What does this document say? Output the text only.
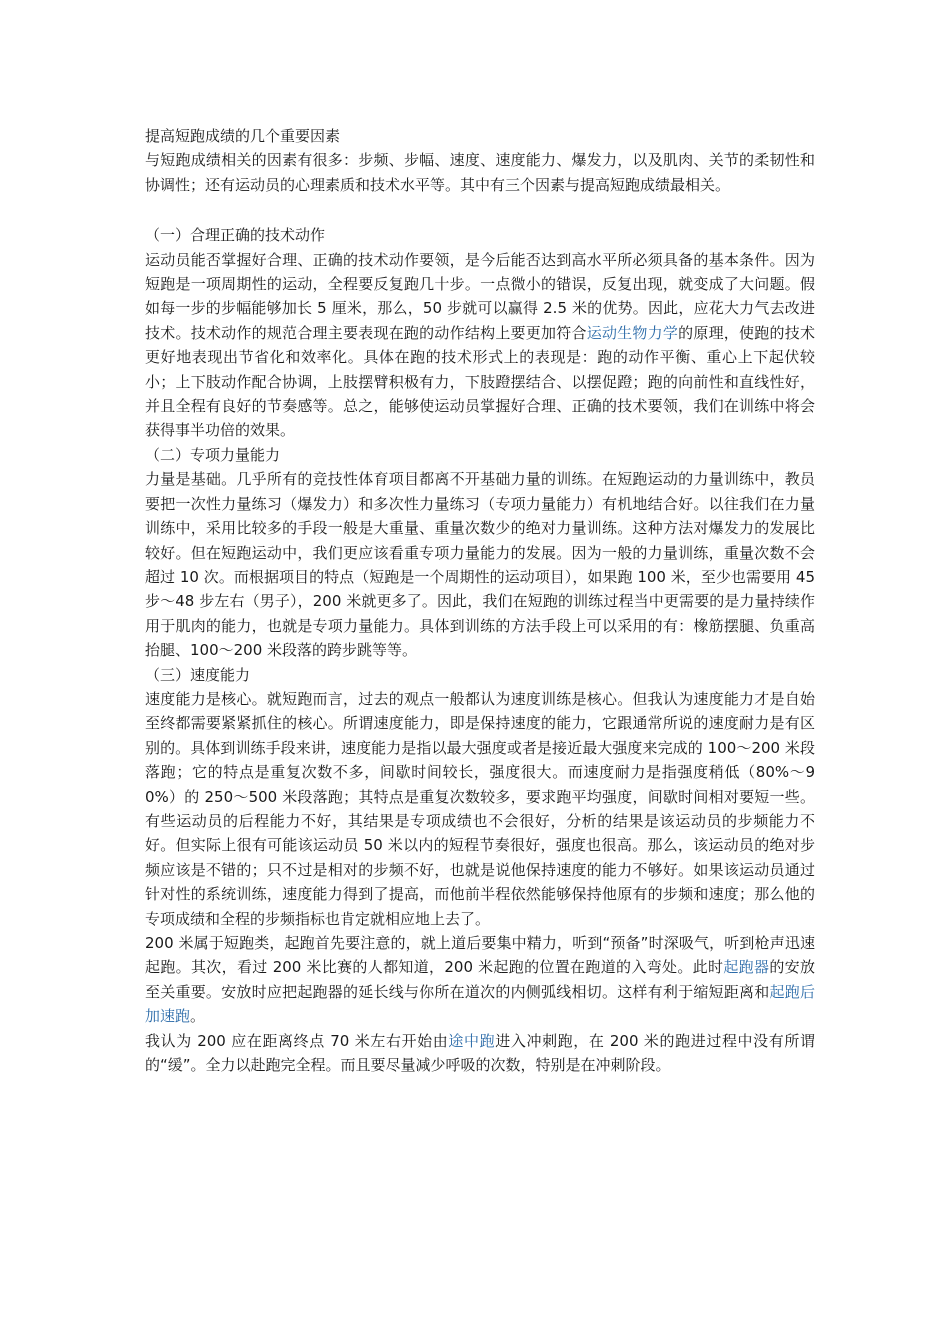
提高短跑成绩的几个重要因素

与短跑成绩相关的因素有很多：步频、步幅、速度、速度能力、爆发力，以及肌肉、关节的柔韧性和协调性；还有运动员的心理素质和技术水平等。其中有三个因素与提高短跑成绩最相关。

（一）合理正确的技术动作

运动员能否掌握好合理、正确的技术动作要领，是今后能否达到高水平所必须具备的基本条件。因为短跑是一项周期性的运动，全程要反复跑几十步。一点微小的错误，反复出现，就变成了大问题。假如每一步的步幅能够加长 5 厘米，那么，50 步就可以赢得 2.5 米的优势。因此，应花大力气去改进技术。技术动作的规范合理主要表现在跑的动作结构上要更加符合运动生物力学的原理，使跑的技术更好地表现出节省化和效率化。具体在跑的技术形式上的表现是：跑的动作平衡、重心上下起伏较小；上下肢动作配合协调，上肢摆臂积极有力，下肢蹬摆结合、以摆促蹬；跑的向前性和直线性好，并且全程有良好的节奏感等。总之，能够使运动员掌握好合理、正确的技术要领，我们在训练中将会获得事半功倍的效果。

（二）专项力量能力

力量是基础。几乎所有的竞技性体育项目都离不开基础力量的训练。在短跑运动的力量训练中，教员 要把一次性力量练习（爆发力）和多次性力量练习（专项力量能力）有机地结合好。以往我们在力量训练中，采用比较多的手段一般是大重量、重量次数少的绝对力量训练。这种方法对爆发力的发展比较好。但在短跑运动中，我们更应该看重专项力量能力的发展。因为一般的力量训练，重量次数不会超过 10 次。而根据项目的特点（短跑是一个周期性的运动项目），如果跑 100 米，至少也需要用 45 步～48 步左右（男子），200 米就更多了。因此，我们在短跑的训练过程当中更需要的是力量持续作用于肌肉的能力，也就是专项力量能力。具体到训练的方法手段上可以采用的有：橡筋摆腿、负重高抬腿、100～200 米段落的跨步跳等等。

（三）速度能力

速度能力是核心。就短跑而言，过去的观点一般都认为速度训练是核心。但我认为速度能力才是自始至终都需要紧紧抓住的核心。所谓速度能力，即是保持速度的能力，它跟通常所说的速度耐力是有区别的。具体到训练手段来讲，速度能力是指以最大强度或者是接近最大强度来完成的 100～200 米段落跑；它的特点是重复次数不多，间歇时间较长，强度很大。而速度耐力是指强度稍低（80%～90%）的 250～500 米段落跑；其特点是重复次数较多，要求跑平均强度，间歇时间相对要短一些。有些运动员的后程能力不好，其结果是专项成绩也不会很好，分析的结果是该运动员的步频能力不好。但实际上很有可能该运动员 50 米以内的短程节奏很好，强度也很高。那么，该运动员的绝对步频应该是不错的；只不过是相对的步频不好，也就是说他保持速度的能力不够好。如果该运动员通过针对性的系统训练，速度能力得到了提高，而他前半程依然能够保持他原有的步频和速度；那么他的专项成绩和全程的步频指标也肯定就相应地上去了。

200 米属于短跑类，起跑首先要注意的，就上道后要集中精力，听到“预备”时深吸气，听到枪声迅速起跑。其次，看过 200 米比赛的人都知道，200 米起跑的位置在跑道的入弯处。此时起跑器的安放至关重要。安放时应把起跑器的延长线与你所在道次的内侧弧线相切。这样有利于缩短距离和起跑后加速跑。

我认为 200 应在距离终点 70 米左右开始由途中跑进入冲刺跑，在 200 米的跑进过程中没有所谓的“缓”。全力以赴跑完全程。而且要尽量减少呼吸的次数，特别是在冲刺阶段。
